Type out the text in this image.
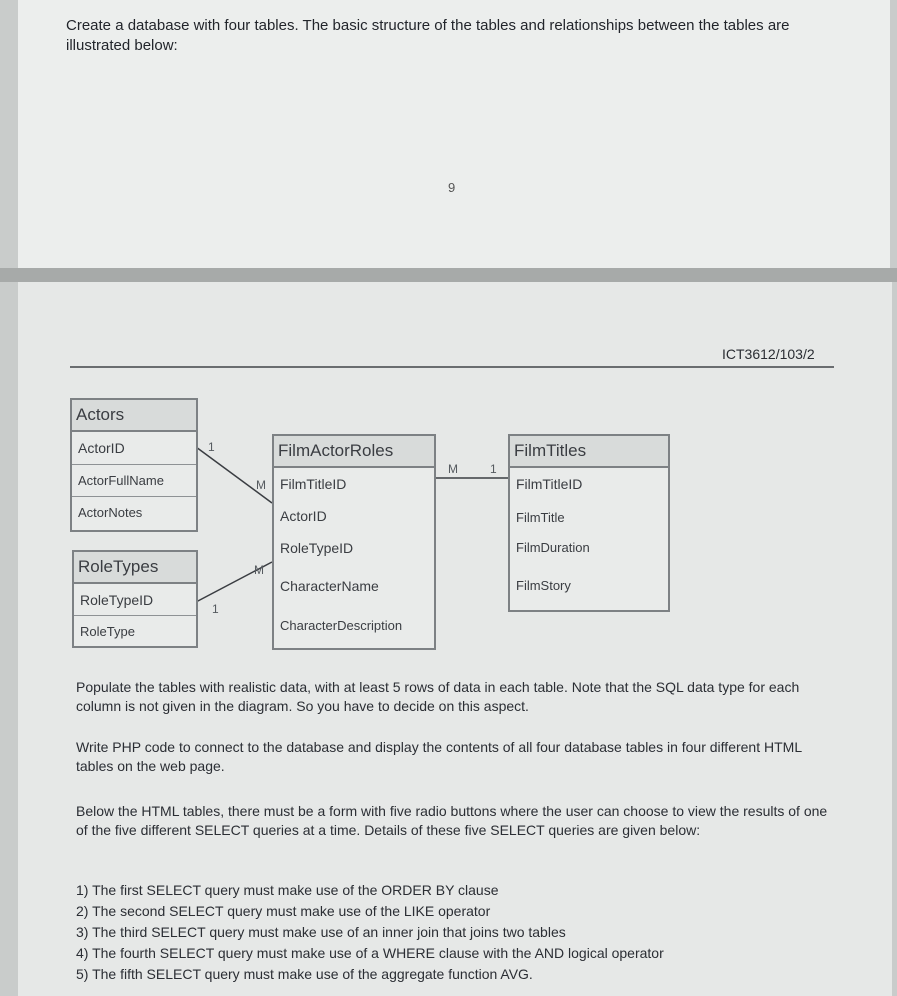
Create a database with four tables. The basic structure of the tables and relationships between the tables are illustrated below:
9
ICT3612/103/2
Actors
ActorID
ActorFullName
ActorNotes
RoleTypes
RoleTypeID
RoleType
FilmActorRoles
FilmTitleID
ActorID
RoleTypeID
CharacterName
CharacterDescription
FilmTitles
FilmTitleID
FilmTitle
FilmDuration
FilmStory
1
M
M
1
M	1
Populate the tables with realistic data, with at least 5 rows of data in each table. Note that the SQL data type for each column is not given in the diagram. So you have to decide on this aspect.
Write PHP code to connect to the database and display the contents of all four database tables in four different HTML tables on the web page.
Below the HTML tables, there must be a form with five radio buttons where the user can choose to view the results of one of the five different SELECT queries at a time. Details of these five SELECT queries are given below:
1) The first SELECT query must make use of the ORDER BY clause
2) The second SELECT query must make use of the LIKE operator
3) The third SELECT query must make use of an inner join that joins two tables
4) The fourth SELECT query must make use of a WHERE clause with the AND logical operator
5) The fifth SELECT query must make use of the aggregate function AVG.
